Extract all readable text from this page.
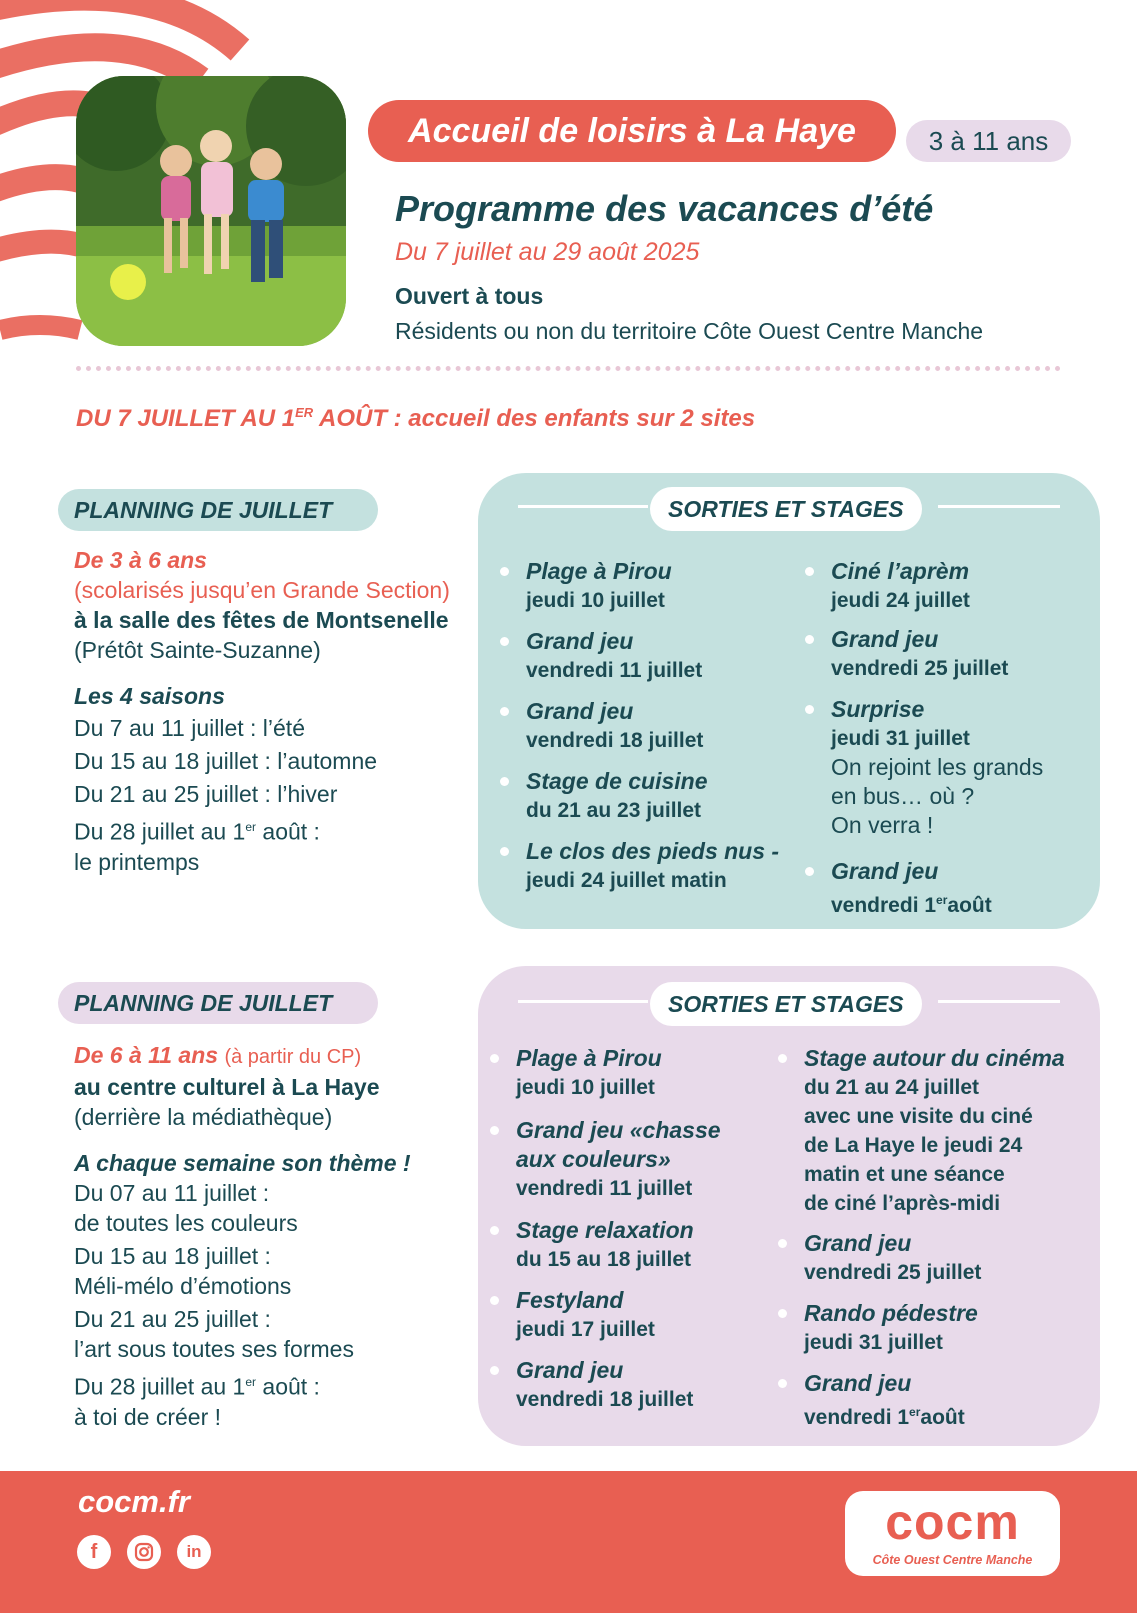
Accueil de loisirs à La Haye	3 à 11 ans
Programme des vacances d’été
Du 7 juillet au 29 août 2025
Ouvert à tous
Résidents ou non du territoire Côte Ouest Centre Manche
DU 7 JUILLET AU 1ER AOÛT : accueil des enfants sur 2 sites
PLANNING DE JUILLET
De 3 à 6 ans
(scolarisés jusqu’en Grande Section)
à la salle des fêtes de Montsenelle
(Prétôt Sainte-Suzanne)
Les 4 saisons
Du 7 au 11 juillet : l’été
Du 15 au 18 juillet : l’automne
Du 21 au 25 juillet : l’hiver
Du 28 juillet au 1er août :
le printemps
SORTIES ET STAGES
Plage à Pirou
jeudi 10 juillet
Grand jeu
vendredi 11 juillet
Grand jeu
vendredi 18 juillet
Stage de cuisine
du 21 au 23 juillet
Le clos des pieds nus -
jeudi 24 juillet matin
Ciné l’aprèm
jeudi 24 juillet
Grand jeu
vendredi 25 juillet
Surprise
jeudi 31 juillet
On rejoint les grands
en bus… où ?
On verra !
Grand jeu
vendredi 1eraoût
PLANNING DE JUILLET
De 6 à 11 ans (à partir du CP)
au centre culturel à La Haye
(derrière la médiathèque)
A chaque semaine son thème !
Du 07 au 11 juillet :
de toutes les couleurs
Du 15 au 18 juillet :
Méli-mélo d’émotions
Du 21 au 25 juillet :
l’art sous toutes ses formes
Du 28 juillet au 1er août :
à toi de créer !
SORTIES ET STAGES
Plage à Pirou
jeudi 10 juillet
Grand jeu «chasse
aux couleurs»
vendredi 11 juillet
Stage relaxation
du 15 au 18 juillet
Festyland
jeudi 17 juillet
Grand jeu
vendredi 18 juillet
Stage autour du cinéma
du 21 au 24 juillet
avec une visite du ciné
de La Haye le jeudi 24
matin et une séance
de ciné l’après-midi
Grand jeu
vendredi 25 juillet
Rando pédestre
jeudi 31 juillet
Grand jeu
vendredi 1eraoût
cocm.fr
f	in
cocm
Côte Ouest Centre Manche
